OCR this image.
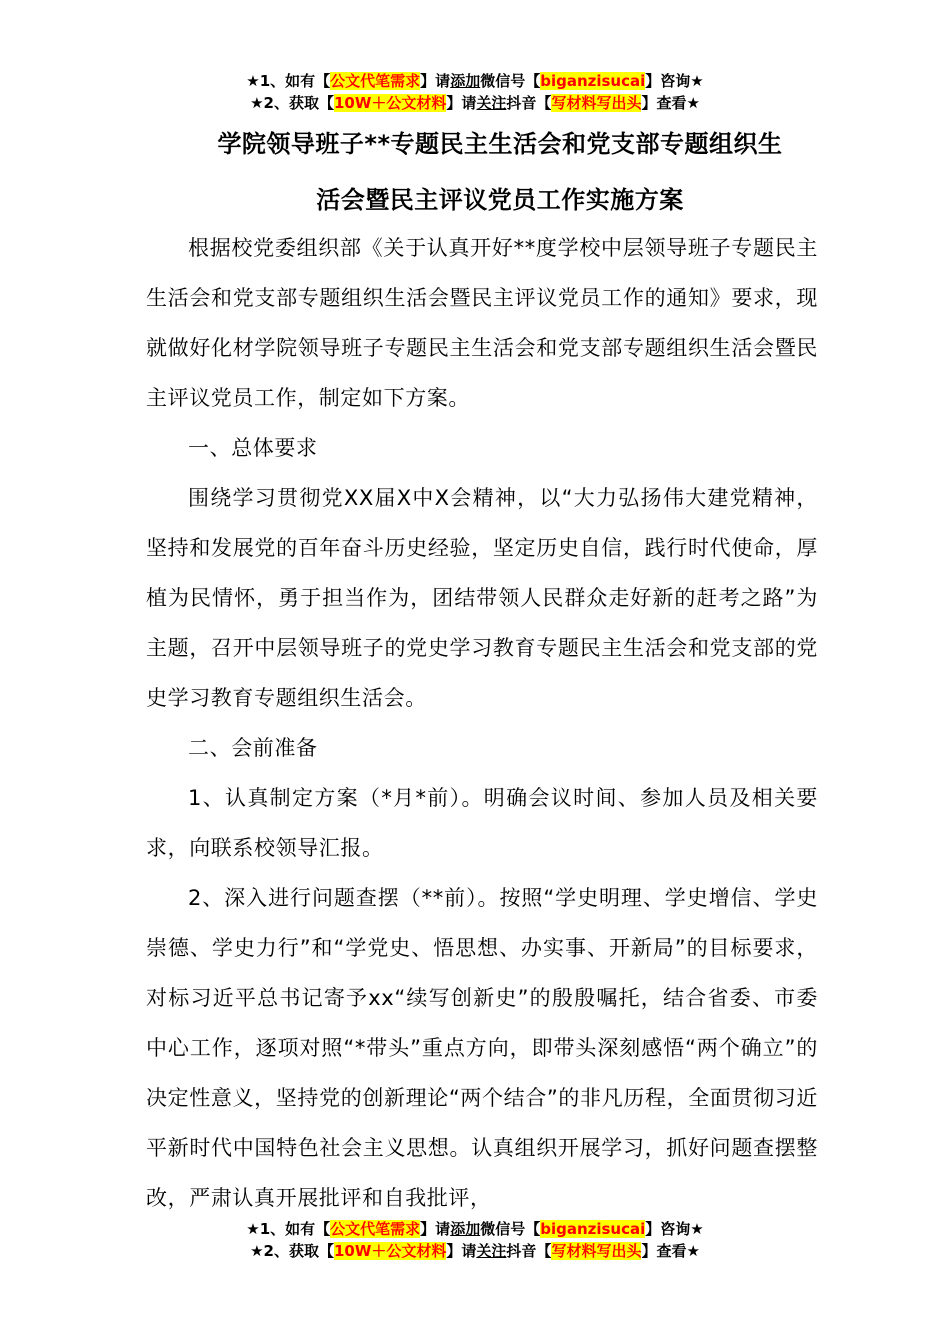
★1、如有【公文代笔需求】请添加微信号【biganzisucai】咨询★
★2、获取【10W＋公文材料】请关注抖音【写材料写出头】查看★
学院领导班子**专题民主生活会和党支部专题组织生
活会暨民主评议党员工作实施方案

根据校党委组织部《关于认真开好**度学校中层领导班子专题民主生活会和党支部专题组织生活会暨民主评议党员工作的通知》要求，现就做好化材学院领导班子专题民主生活会和党支部专题组织生活会暨民主评议党员工作，制定如下方案。

一、总体要求

围绕学习贯彻党XX届X中X会精神，以“大力弘扬伟大建党精神，坚持和发展党的百年奋斗历史经验，坚定历史自信，践行时代使命，厚植为民情怀，勇于担当作为，团结带领人民群众走好新的赶考之路”为主题，召开中层领导班子的党史学习教育专题民主生活会和党支部的党史学习教育专题组织生活会。

二、会前准备

1、认真制定方案（*月*前）。明确会议时间、参加人员及相关要求，向联系校领导汇报。

2、深入进行问题查摆（**前）。按照“学史明理、学史增信、学史崇德、学史力行”和“学党史、悟思想、办实事、开新局”的目标要求，对标习近平总书记寄予xx“续写创新史”的殷殷嘱托，结合省委、市委中心工作，逐项对照“*带头”重点方向，即带头深刻感悟“两个确立”的决定性意义，坚持党的创新理论“两个结合”的非凡历程，全面贯彻习近平新时代中国特色社会主义思想。认真组织开展学习，抓好问题查摆整改，严肃认真开展批评和自我批评，

★1、如有【公文代笔需求】请添加微信号【biganzisucai】咨询★
★2、获取【10W＋公文材料】请关注抖音【写材料写出头】查看★
